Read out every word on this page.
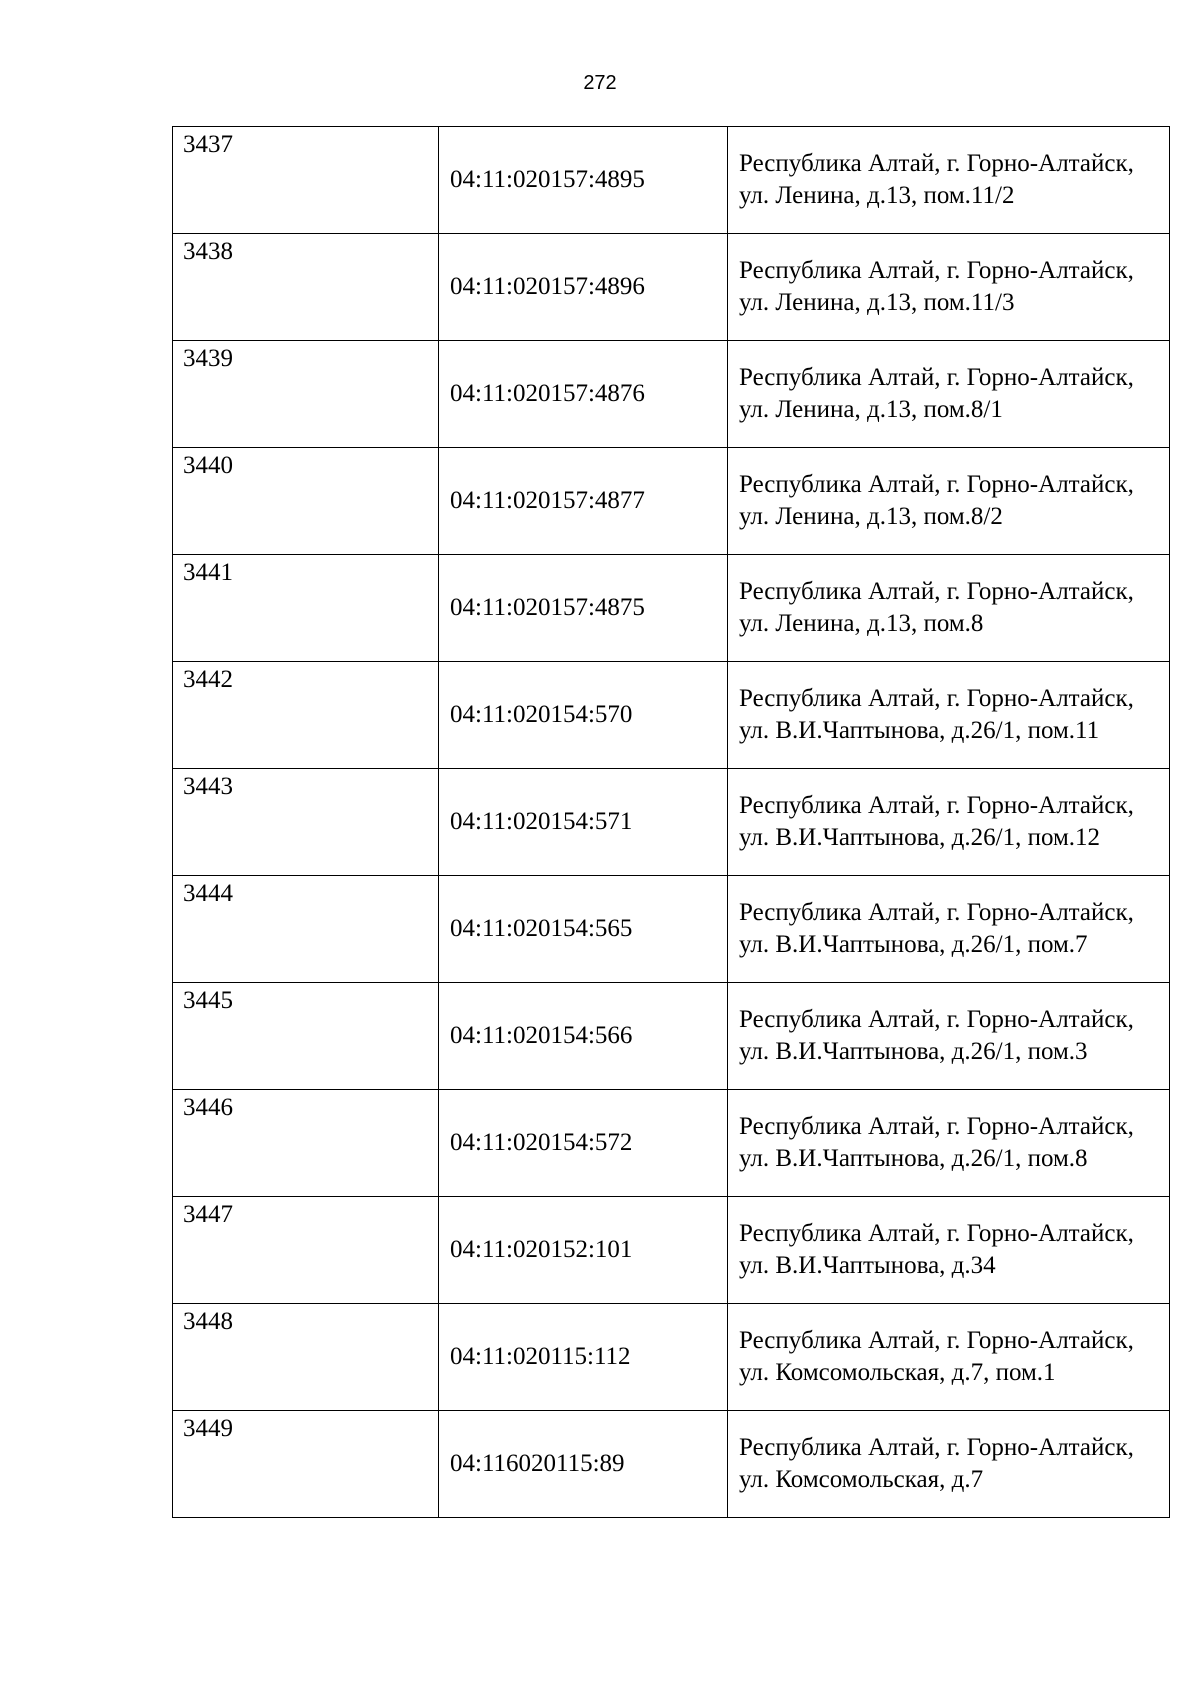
272
3437	04:11:020157:4895	Республика Алтай, г. Горно-Алтайск, ул. Ленина, д.13, пом.11/2
3438	04:11:020157:4896	Республика Алтай, г. Горно-Алтайск, ул. Ленина, д.13, пом.11/3
3439	04:11:020157:4876	Республика Алтай, г. Горно-Алтайск, ул. Ленина, д.13, пом.8/1
3440	04:11:020157:4877	Республика Алтай, г. Горно-Алтайск, ул. Ленина, д.13, пом.8/2
3441	04:11:020157:4875	Республика Алтай, г. Горно-Алтайск, ул. Ленина, д.13, пом.8
3442	04:11:020154:570	Республика Алтай, г. Горно-Алтайск, ул. В.И.Чаптынова, д.26/1, пом.11
3443	04:11:020154:571	Республика Алтай, г. Горно-Алтайск, ул. В.И.Чаптынова, д.26/1, пом.12
3444	04:11:020154:565	Республика Алтай, г. Горно-Алтайск, ул. В.И.Чаптынова, д.26/1, пом.7
3445	04:11:020154:566	Республика Алтай, г. Горно-Алтайск, ул. В.И.Чаптынова, д.26/1, пом.3
3446	04:11:020154:572	Республика Алтай, г. Горно-Алтайск, ул. В.И.Чаптынова, д.26/1, пом.8
3447	04:11:020152:101	Республика Алтай, г. Горно-Алтайск, ул. В.И.Чаптынова, д.34
3448	04:11:020115:112	Республика Алтай, г. Горно-Алтайск, ул. Комсомольская, д.7, пом.1
3449	04:116020115:89	Республика Алтай, г. Горно-Алтайск, ул. Комсомольская, д.7
